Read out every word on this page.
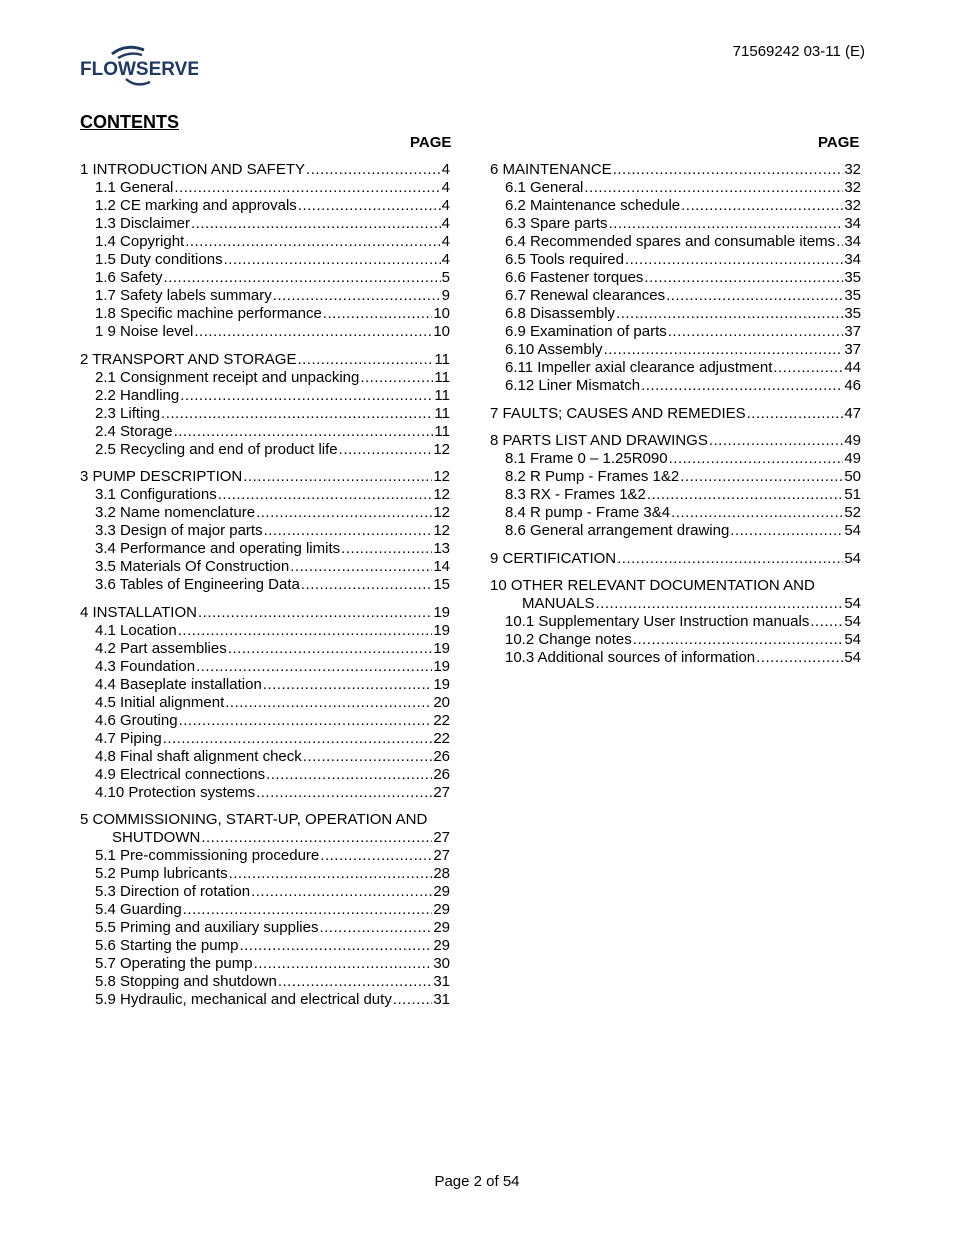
FLOWSERVE
71569242 03-11 (E)
CONTENTS
PAGE	PAGE
1 INTRODUCTION AND SAFETY .....	4
1.1 General .....	4
1.2 CE marking and approvals .....	4
1.3 Disclaimer .....	4
1.4 Copyright .....	4
1.5 Duty conditions .....	4
1.6 Safety .....	5
1.7 Safety labels summary .....	9
1.8 Specific machine performance .....	10
1 9 Noise level .....	10
2 TRANSPORT AND STORAGE .....	11
2.1 Consignment receipt and unpacking .....	11
2.2 Handling .....	11
2.3 Lifting .....	11
2.4 Storage .....	11
2.5 Recycling and end of product life .....	12
3 PUMP DESCRIPTION .....	12
3.1 Configurations .....	12
3.2 Name nomenclature .....	12
3.3 Design of major parts .....	12
3.4 Performance and operating limits .....	13
3.5 Materials Of Construction .....	14
3.6 Tables of Engineering Data .....	15
4 INSTALLATION .....	19
4.1 Location .....	19
4.2 Part assemblies .....	19
4.3 Foundation .....	19
4.4 Baseplate installation .....	19
4.5 Initial alignment .....	20
4.6 Grouting .....	22
4.7 Piping .....	22
4.8 Final shaft alignment check .....	26
4.9 Electrical connections .....	26
4.10 Protection systems .....	27
5 COMMISSIONING, START-UP, OPERATION AND
SHUTDOWN .....	27
5.1 Pre-commissioning procedure .....	27
5.2 Pump lubricants .....	28
5.3 Direction of rotation .....	29
5.4 Guarding .....	29
5.5 Priming and auxiliary supplies .....	29
5.6 Starting the pump .....	29
5.7 Operating the pump .....	30
5.8 Stopping and shutdown .....	31
5.9 Hydraulic, mechanical and electrical duty .....	31
6 MAINTENANCE .....	32
6.1 General .....	32
6.2 Maintenance schedule .....	32
6.3 Spare parts .....	34
6.4 Recommended spares and consumable items ..... 34
6.5 Tools required .....	34
6.6 Fastener torques .....	35
6.7 Renewal clearances .....	35
6.8 Disassembly .....	35
6.9 Examination of parts .....	37
6.10 Assembly .....	37
6.11 Impeller axial clearance adjustment .....	44
6.12 Liner Mismatch .....	46
7 FAULTS; CAUSES AND REMEDIES .....	47
8 PARTS LIST AND DRAWINGS .....	49
8.1 Frame 0 – 1.25R090 .....	49
8.2 R Pump - Frames 1&2 .....	50
8.3 RX - Frames 1&2 .....	51
8.4 R pump - Frame 3&4 .....	52
8.6 General arrangement drawing .....	54
9 CERTIFICATION .....	54
10 OTHER RELEVANT DOCUMENTATION AND
MANUALS .....	54
10.1 Supplementary User Instruction manuals ..... 54
10.2 Change notes .....	54
10.3 Additional sources of information .....	54
Page 2 of 54
